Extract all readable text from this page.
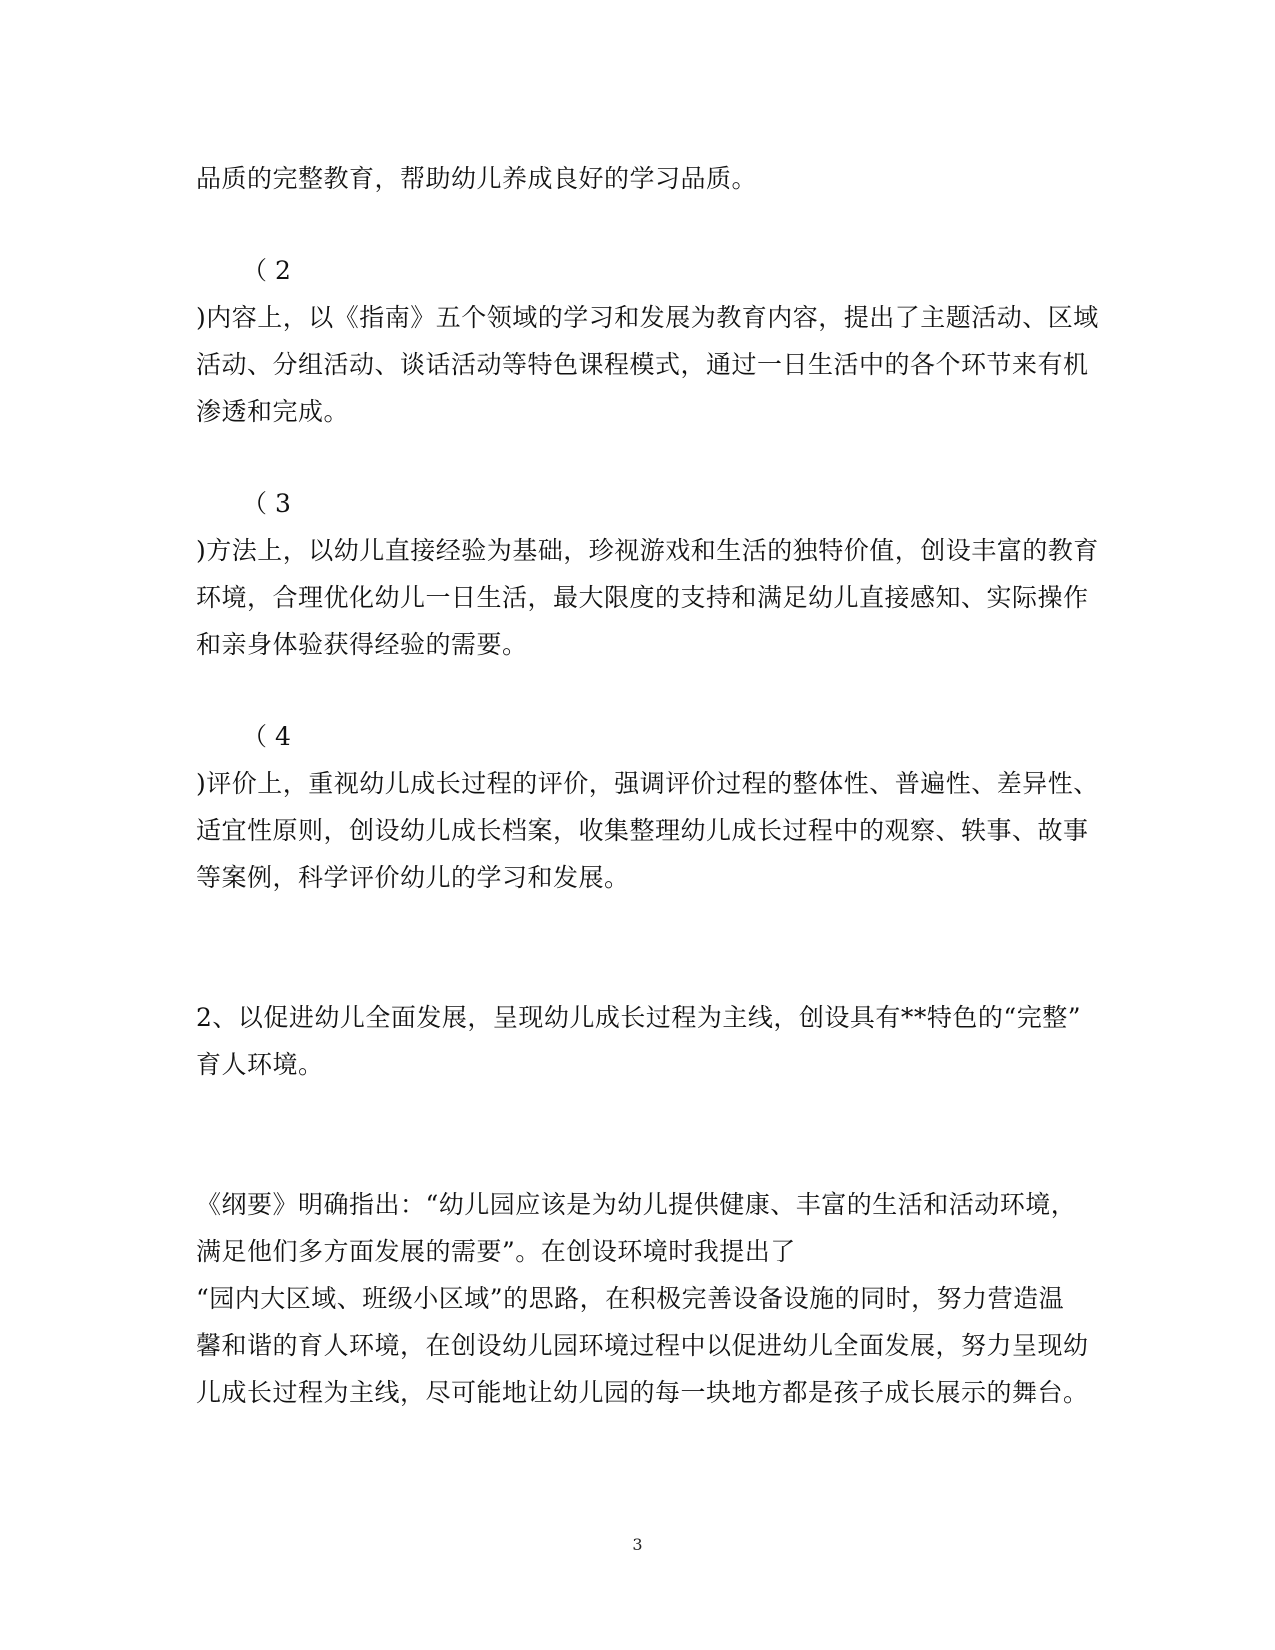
品质的完整教育，帮助幼儿养成良好的学习品质。
（ 2
)内容上，以《指南》五个领域的学习和发展为教育内容，提出了主题活动、区域
活动、分组活动、谈话活动等特色课程模式，通过一日生活中的各个环节来有机
渗透和完成。
（ 3
)方法上，以幼儿直接经验为基础，珍视游戏和生活的独特价值，创设丰富的教育
环境，合理优化幼儿一日生活，最大限度的支持和满足幼儿直接感知、实际操作
和亲身体验获得经验的需要。
（ 4
)评价上，重视幼儿成长过程的评价，强调评价过程的整体性、普遍性、差异性、
适宜性原则，创设幼儿成长档案，收集整理幼儿成长过程中的观察、轶事、故事
等案例，科学评价幼儿的学习和发展。
2、以促进幼儿全面发展，呈现幼儿成长过程为主线，创设具有**特色的“完整”
育人环境。
《纲要》明确指出：“幼儿园应该是为幼儿提供健康、丰富的生活和活动环境，
满足他们多方面发展的需要”。在创设环境时我提出了
“园内大区域、班级小区域”的思路，在积极完善设备设施的同时，努力营造温
馨和谐的育人环境，在创设幼儿园环境过程中以促进幼儿全面发展，努力呈现幼
儿成长过程为主线，尽可能地让幼儿园的每一块地方都是孩子成长展示的舞台。
3
